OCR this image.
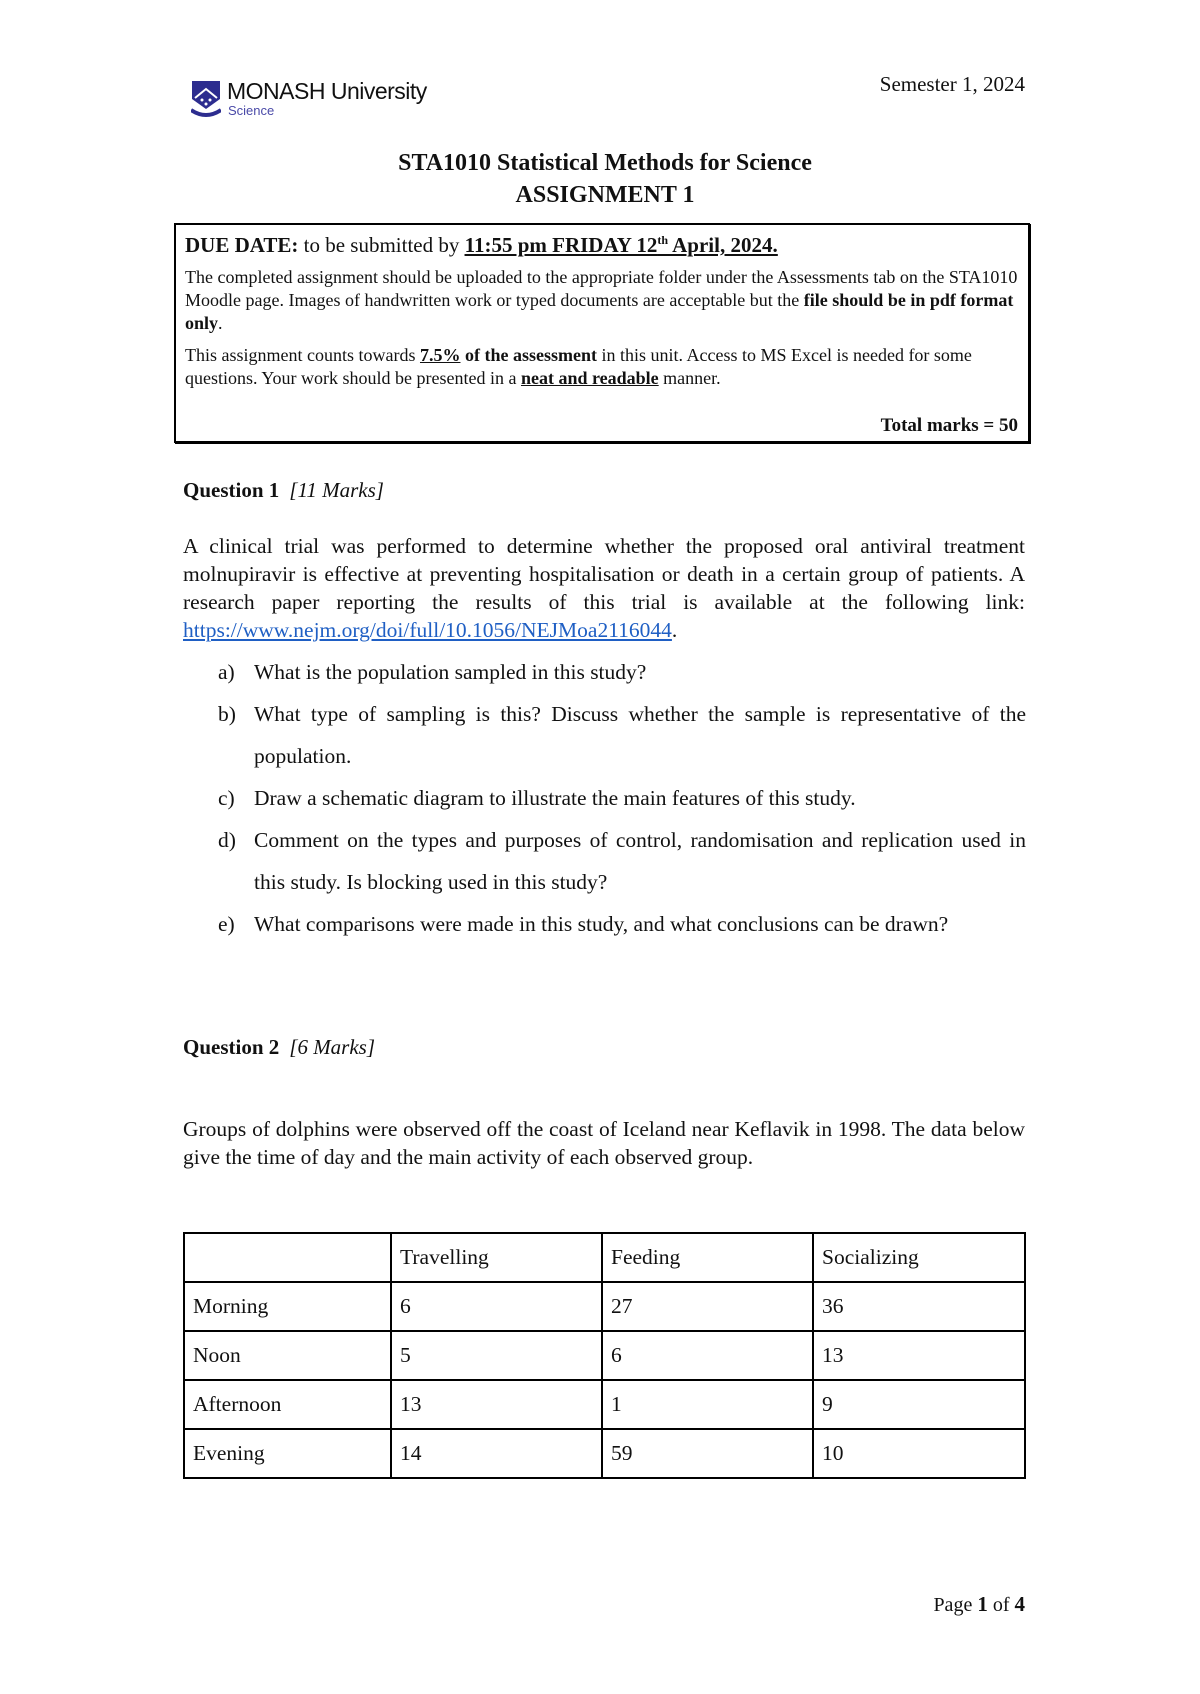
MONASH University
Science
Semester 1, 2024
STA1010 Statistical Methods for Science
ASSIGNMENT 1
DUE DATE: to be submitted by 11:55 pm FRIDAY 12th April, 2024.

The completed assignment should be uploaded to the appropriate folder under the Assessments tab on the STA1010 Moodle page. Images of handwritten work or typed documents are acceptable but the file should be in pdf format only.

This assignment counts towards 7.5% of the assessment in this unit. Access to MS Excel is needed for some questions. Your work should be presented in a neat and readable manner.

Total marks = 50
Question 1 [11 Marks]
A clinical trial was performed to determine whether the proposed oral antiviral treatment molnupiravir is effective at preventing hospitalisation or death in a certain group of patients. A research paper reporting the results of this trial is available at the following link: https://www.nejm.org/doi/full/10.1056/NEJMoa2116044.
a) What is the population sampled in this study?
b) What type of sampling is this? Discuss whether the sample is representative of the population.
c) Draw a schematic diagram to illustrate the main features of this study.
d) Comment on the types and purposes of control, randomisation and replication used in this study. Is blocking used in this study?
e) What comparisons were made in this study, and what conclusions can be drawn?
Question 2 [6 Marks]
Groups of dolphins were observed off the coast of Iceland near Keflavik in 1998. The data below give the time of day and the main activity of each observed group.
	Travelling	Feeding	Socializing
Morning	6	27	36
Noon	5	6	13
Afternoon	13	1	9
Evening	14	59	10
Page 1 of 4
